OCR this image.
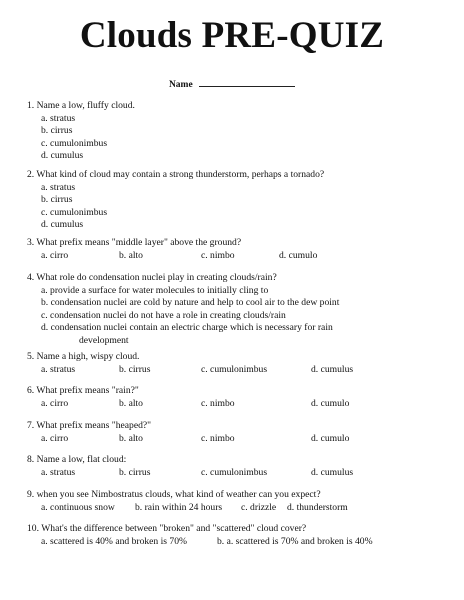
Clouds PRE-QUIZ
Name
1. Name a low, fluffy cloud.
a. stratus
b. cirrus
c. cumulonimbus
d. cumulus
2. What kind of cloud may contain a strong thunderstorm, perhaps a tornado?
a. stratus
b. cirrus
c. cumulonimbus
d. cumulus
3. What prefix means "middle layer" above the ground?
a. cirro	b. alto	c. nimbo	d. cumulo
4. What role do condensation nuclei play in creating clouds/rain?
a. provide a surface for water molecules to initially cling to
b. condensation nuclei are cold by nature and help to cool air to the dew point
c. condensation nuclei do not have a role in creating clouds/rain
d. condensation nuclei contain an electric charge which is necessary for rain
development
5. Name a high, wispy cloud.
a. stratus	b. cirrus	c. cumulonimbus	d. cumulus
6. What prefix means "rain?"
a. cirro	b. alto	c. nimbo	d. cumulo
7. What prefix means "heaped?"
a. cirro	b. alto	c. nimbo	d. cumulo
8. Name a low, flat cloud:
a. stratus	b. cirrus	c. cumulonimbus	d. cumulus
9. when you see Nimbostratus clouds, what kind of weather can you expect?
a. continuous snow	b. rain within 24 hours	c. drizzle	d. thunderstorm
10. What's the difference between "broken" and "scattered" cloud cover?
a. scattered is 40% and broken is 70%	b. a. scattered is 70% and broken is 40%
